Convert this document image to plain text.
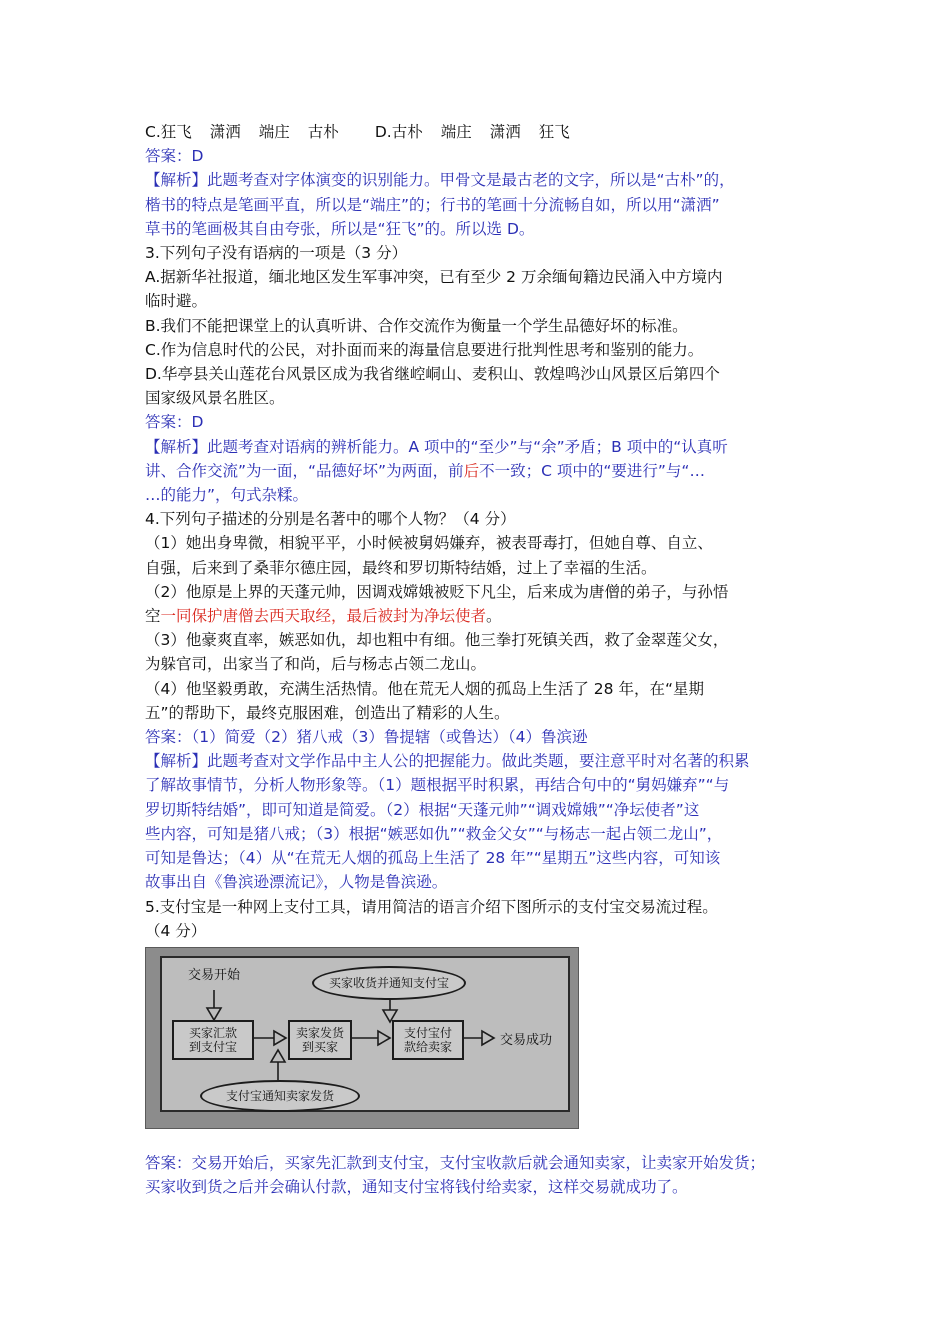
C.狂飞 潇洒 端庄 古朴 D.古朴 端庄 潇洒 狂飞
答案：D
【解析】此题考查对字体演变的识别能力。甲骨文是最古老的文字，所以是“古朴”的，
楷书的特点是笔画平直，所以是“端庄”的；行书的笔画十分流畅自如，所以用“潇洒”
草书的笔画极其自由夸张，所以是“狂飞”的。所以选 D。
3.下列句子没有语病的一项是（3 分）
A.据新华社报道，缅北地区发生军事冲突，已有至少 2 万余缅甸籍边民涌入中方境内
临时避。
B.我们不能把课堂上的认真听讲、合作交流作为衡量一个学生品德好坏的标准。
C.作为信息时代的公民，对扑面而来的海量信息要进行批判性思考和鉴别的能力。
D.华亭县关山莲花台风景区成为我省继崆峒山、麦积山、敦煌鸣沙山风景区后第四个
国家级风景名胜区。
答案：D
【解析】此题考查对语病的辨析能力。A 项中的“至少”与“余”矛盾；B 项中的“认真听
讲、合作交流”为一面，“品德好坏”为两面，前后不一致；C 项中的“要进行”与“…
…的能力”，句式杂糅。
4.下列句子描述的分别是名著中的哪个人物？（4 分）
（1）她出身卑微，相貌平平，小时候被舅妈嫌弃，被表哥毒打，但她自尊、自立、
自强，后来到了桑菲尔德庄园，最终和罗切斯特结婚，过上了幸福的生活。
（2）他原是上界的天蓬元帅，因调戏嫦娥被贬下凡尘，后来成为唐僧的弟子，与孙悟
空一同保护唐僧去西天取经，最后被封为净坛使者。
（3）他豪爽直率，嫉恶如仇，却也粗中有细。他三拳打死镇关西，救了金翠莲父女，
为躲官司，出家当了和尚，后与杨志占领二龙山。
（4）他坚毅勇敢，充满生活热情。他在荒无人烟的孤岛上生活了 28 年，在“星期
五”的帮助下，最终克服困难，创造出了精彩的人生。
答案：（1）简爱（2）猪八戒（3）鲁提辖（或鲁达）（4）鲁滨逊
【解析】此题考查对文学作品中主人公的把握能力。做此类题，要注意平时对名著的积累
了解故事情节，分析人物形象等。（1）题根据平时积累，再结合句中的“舅妈嫌弃”“与
罗切斯特结婚”，即可知道是简爱。（2）根据“天蓬元帅”“调戏嫦娥”“净坛使者”这
些内容，可知是猪八戒；（3）根据“嫉恶如仇”“救金父女”“与杨志一起占领二龙山”，
可知是鲁达；（4）从“在荒无人烟的孤岛上生活了 28 年”“星期五”这些内容，可知该
故事出自《鲁滨逊漂流记》，人物是鲁滨逊。
5.支付宝是一种网上支付工具，请用简洁的语言介绍下图所示的支付宝交易流过程。
（4 分）
交易开始
买家收货并通知支付宝
买家汇款
到支付宝
卖家发货
到买家
支付宝付
款给卖家	交易成功
支付宝通知卖家发货
答案：交易开始后，买家先汇款到支付宝，支付宝收款后就会通知卖家，让卖家开始发货；
买家收到货之后并会确认付款，通知支付宝将钱付给卖家，这样交易就成功了。
